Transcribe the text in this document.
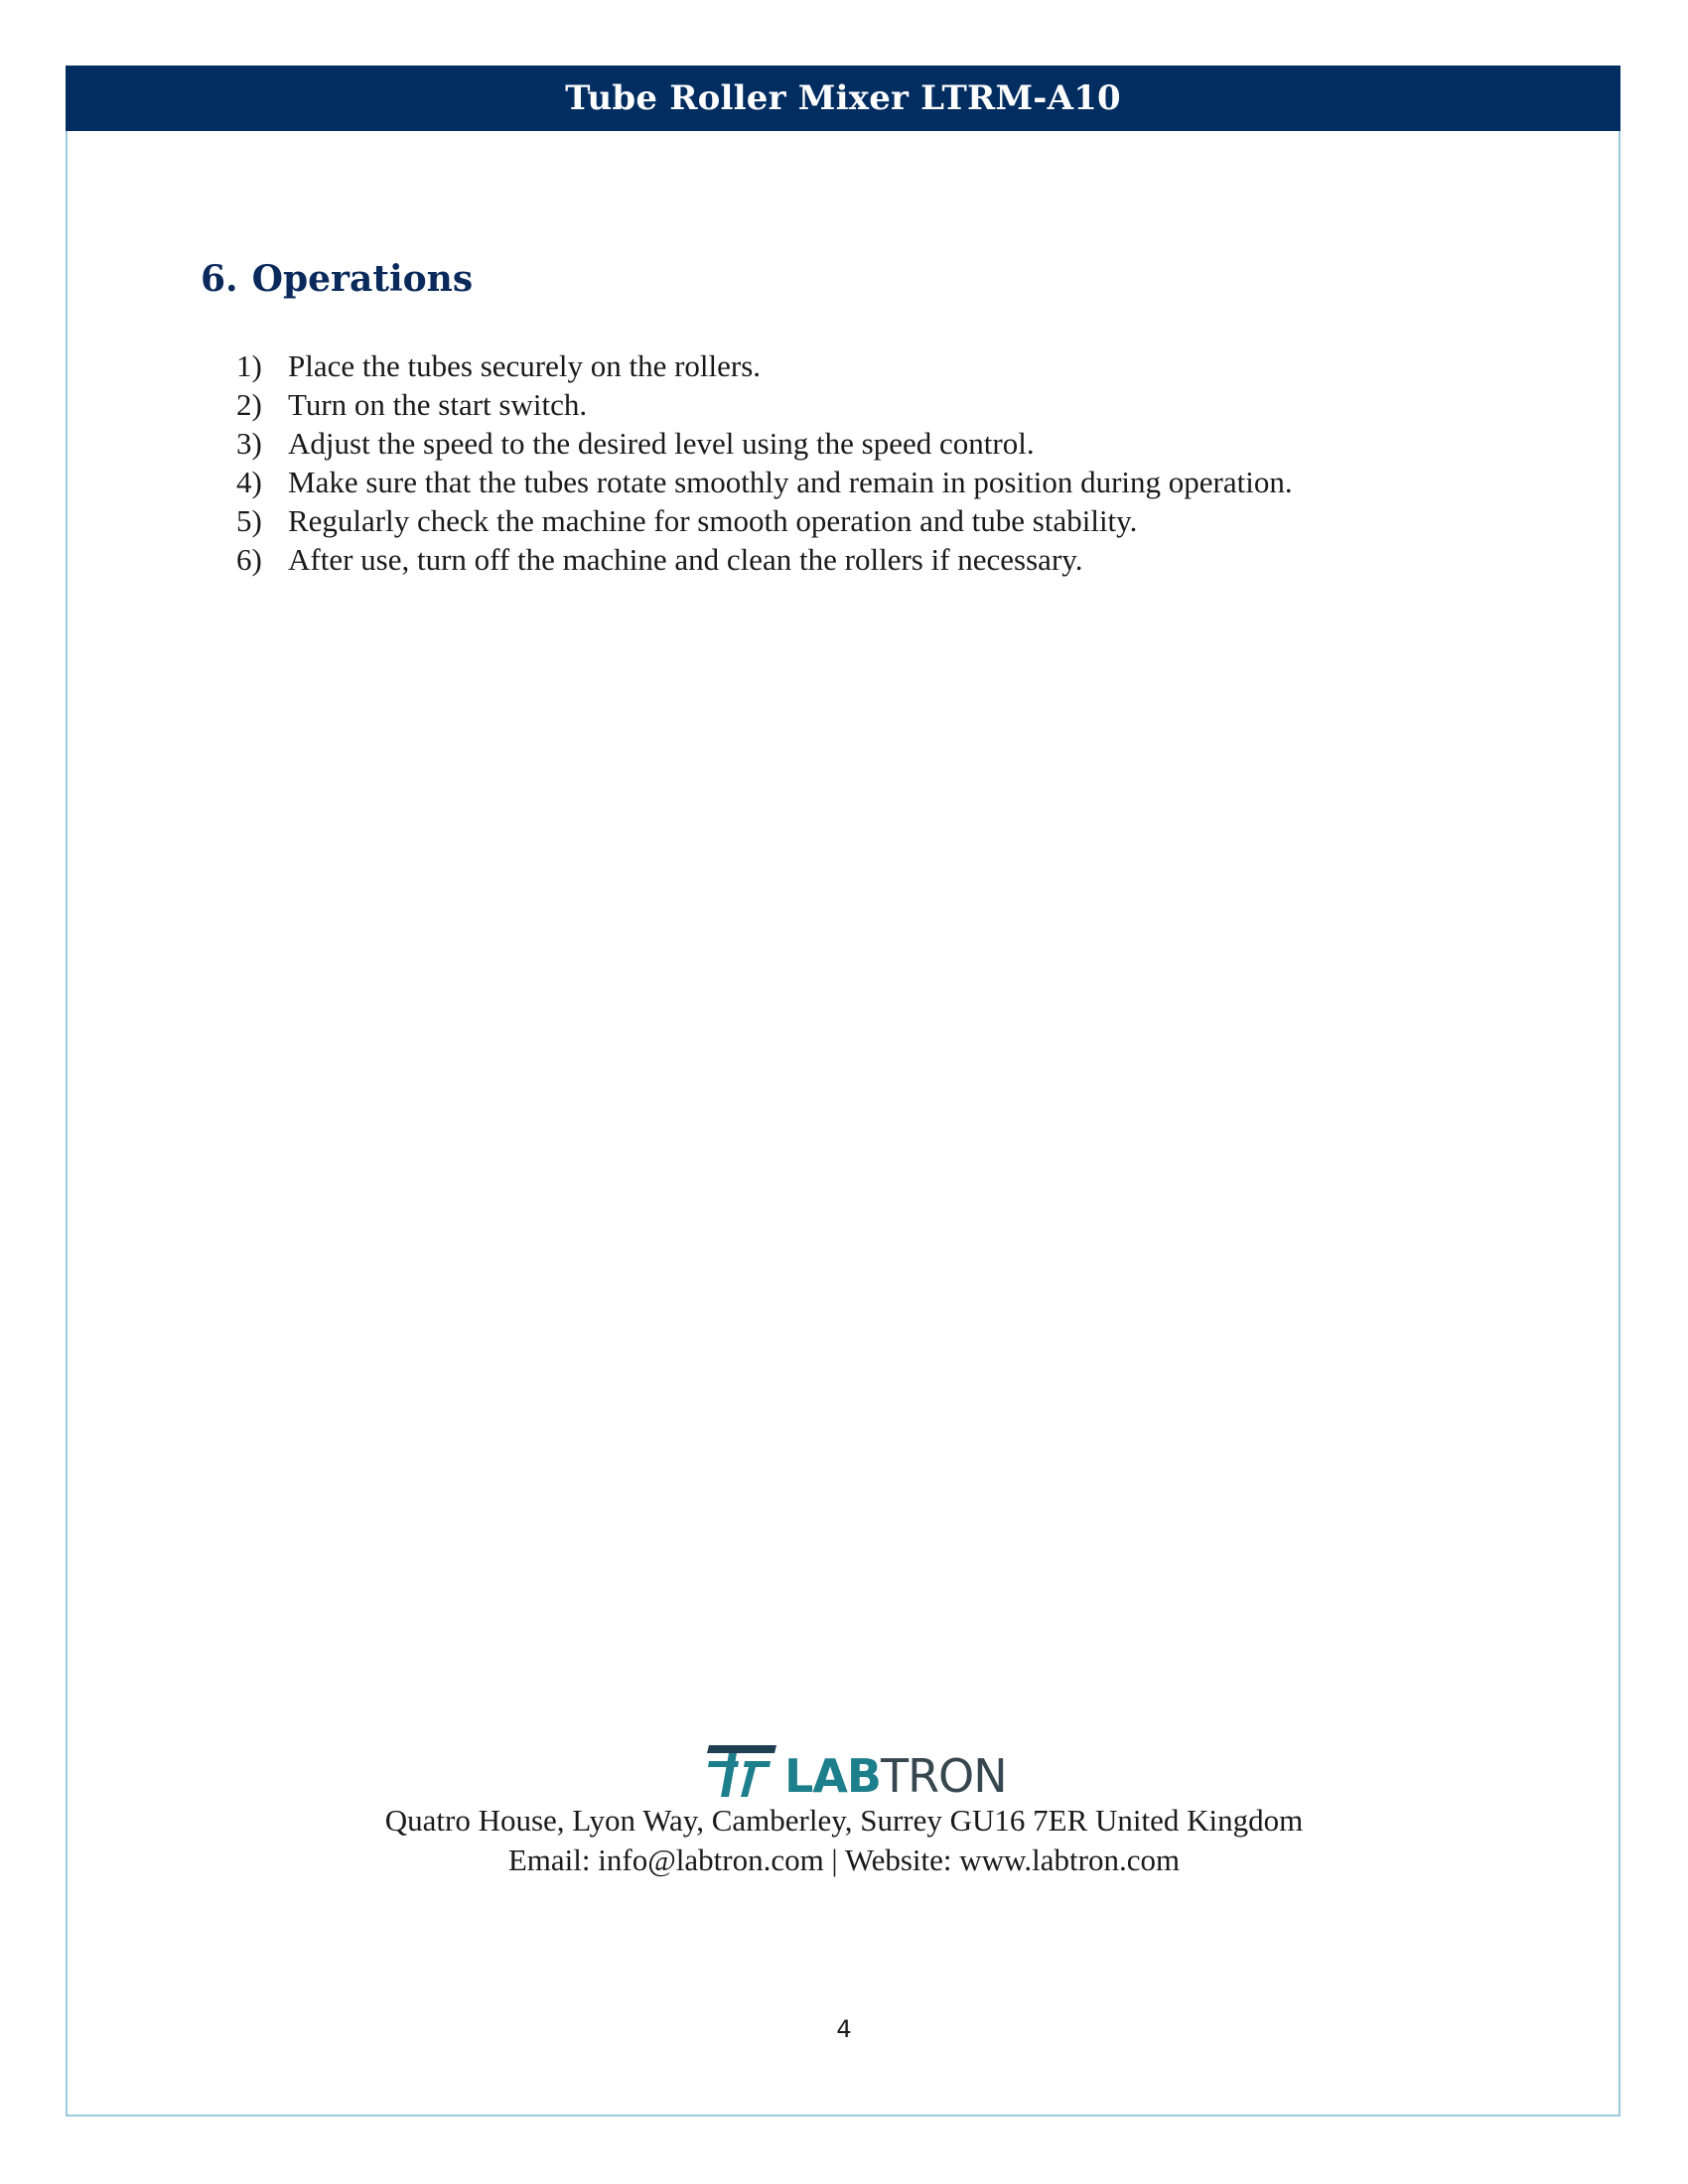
Tube Roller Mixer LTRM-A10
6. Operations
1) Place the tubes securely on the rollers.
2) Turn on the start switch.
3) Adjust the speed to the desired level using the speed control.
4) Make sure that the tubes rotate smoothly and remain in position during operation.
5) Regularly check the machine for smooth operation and tube stability.
6) After use, turn off the machine and clean the rollers if necessary.
LABTRON
Quatro House, Lyon Way, Camberley, Surrey GU16 7ER United Kingdom
Email: info@labtron.com | Website: www.labtron.com
4
